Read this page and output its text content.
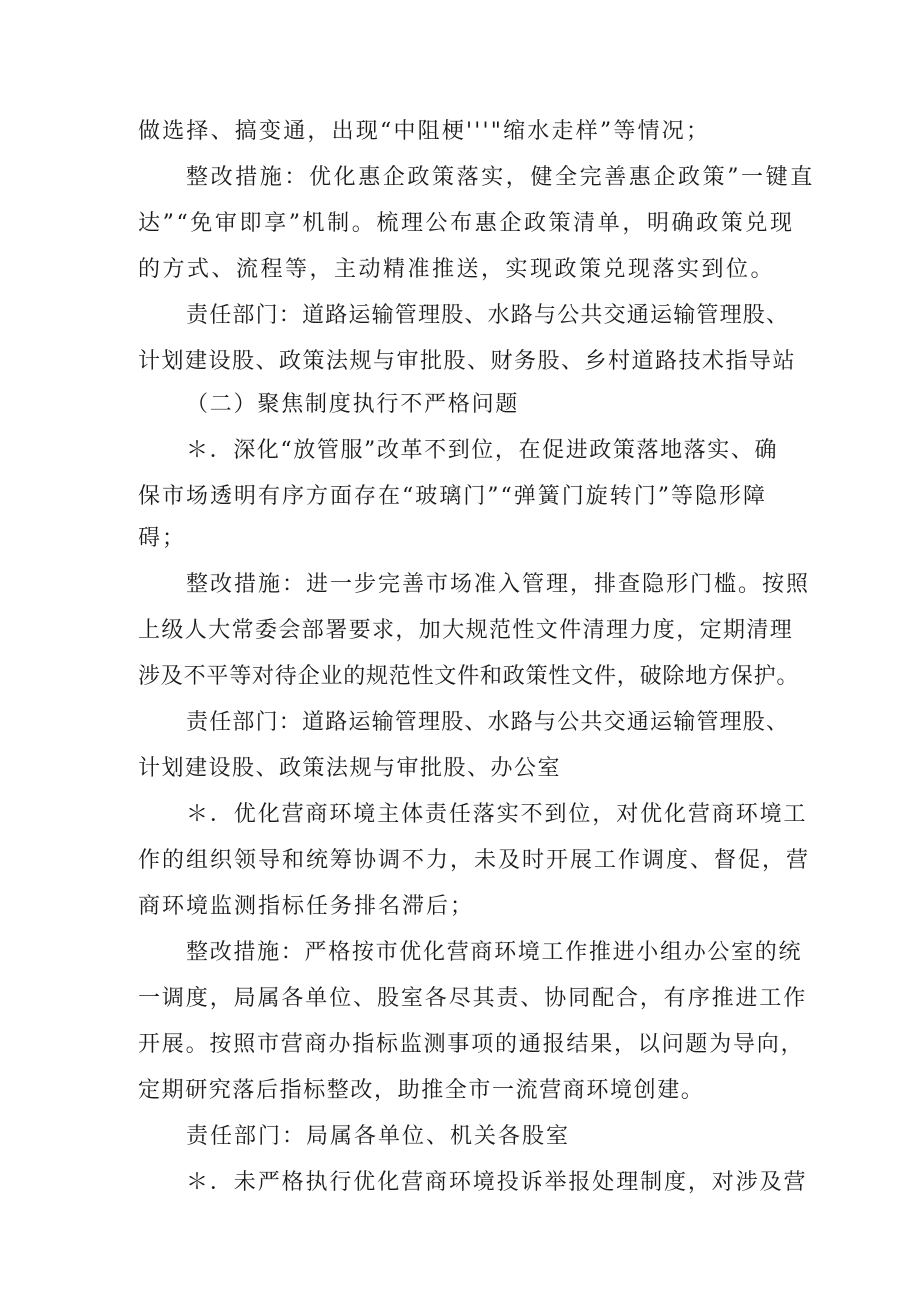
做选择、搞变通，出现“中阻梗'''"缩水走样”等情况；
整改措施：优化惠企政策落实，健全完善惠企政策”一键直
达”“免审即享”机制。梳理公布惠企政策清单，明确政策兑现
的方式、流程等，主动精准推送，实现政策兑现落实到位。
责任部门：道路运输管理股、水路与公共交通运输管理股、
计划建设股、政策法规与审批股、财务股、乡村道路技术指导站
（二）聚焦制度执行不严格问题
＊．深化“放管服”改革不到位，在促进政策落地落实、确
保市场透明有序方面存在“玻璃门”“弹簧门旋转门”等隐形障
碍；
整改措施：进一步完善市场准入管理，排查隐形门槛。按照
上级人大常委会部署要求，加大规范性文件清理力度，定期清理
涉及不平等对待企业的规范性文件和政策性文件，破除地方保护。
责任部门：道路运输管理股、水路与公共交通运输管理股、
计划建设股、政策法规与审批股、办公室
＊．优化营商环境主体责任落实不到位，对优化营商环境工
作的组织领导和统筹协调不力，未及时开展工作调度、督促，营
商环境监测指标任务排名滞后；
整改措施：严格按市优化营商环境工作推进小组办公室的统
一调度，局属各单位、股室各尽其责、协同配合，有序推进工作
开展。按照市营商办指标监测事项的通报结果，以问题为导向，
定期研究落后指标整改，助推全市一流营商环境创建。
责任部门：局属各单位、机关各股室
＊．未严格执行优化营商环境投诉举报处理制度，对涉及营
